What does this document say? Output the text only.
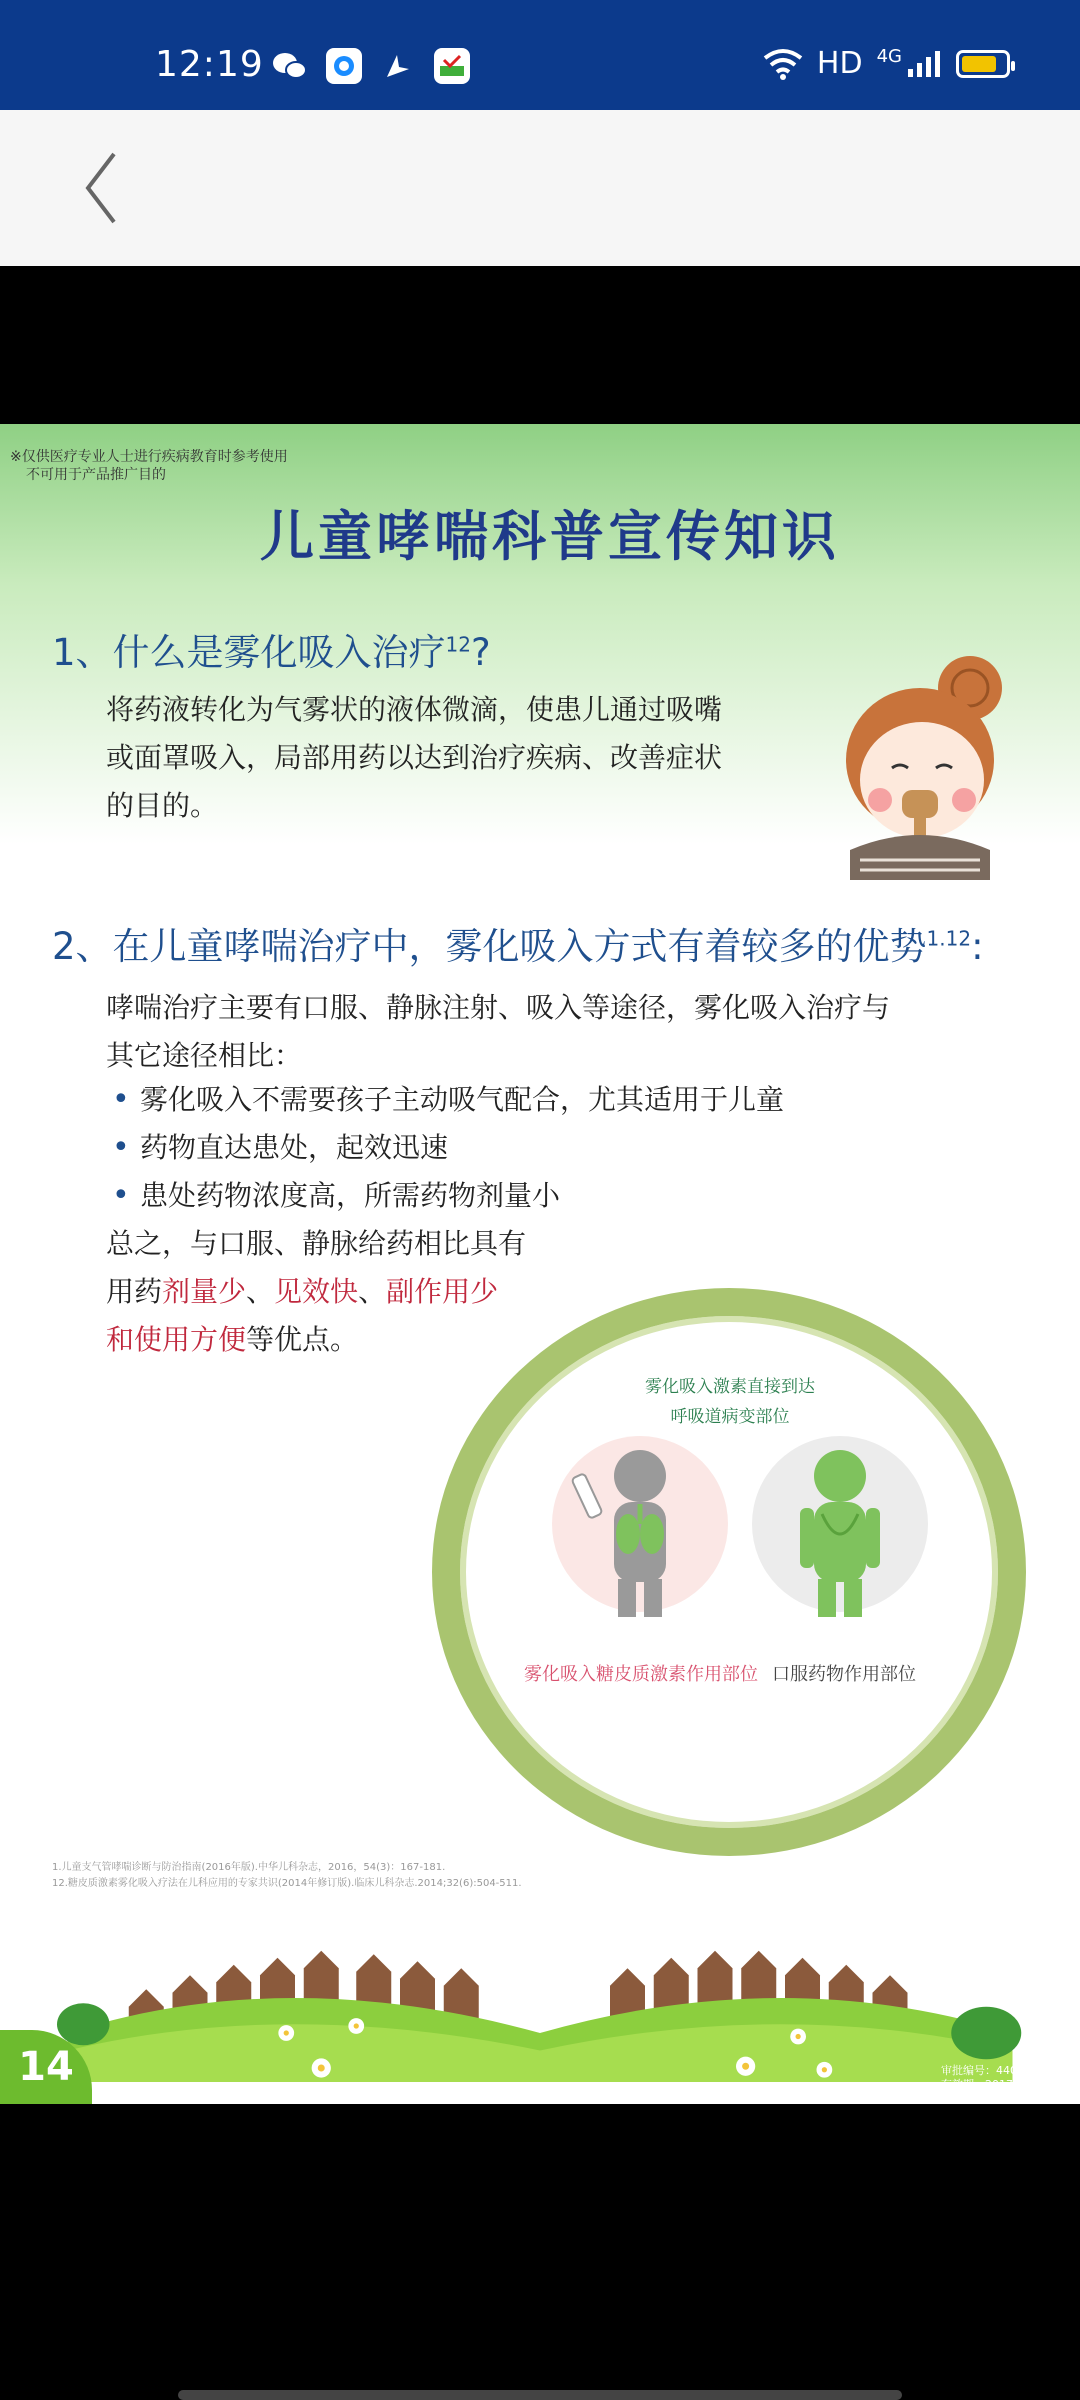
12:19	HD 4G
※仅供医疗专业人士进行疾病教育时参考使用
不可用于产品推广目的
儿童哮喘科普宣传知识
1、什么是雾化吸入治疗$^{12}$?
将药液转化为气雾状的液体微滴，使患儿通过吸嘴
或面罩吸入，局部用药以达到治疗疾病、改善症状
的目的。
2、在儿童哮喘治疗中，雾化吸入方式有着较多的优势$^{1.12}$:
哮喘治疗主要有口服、静脉注射、吸入等途径，雾化吸入治疗与
其它途径相比：
• 雾化吸入不需要孩子主动吸气配合，尤其适用于儿童
• 药物直达患处，起效迅速
• 患处药物浓度高，所需药物剂量小
总之，与口服、静脉给药相比具有
用药剂量少、见效快、副作用少
和使用方便等优点。
雾化吸入激素直接到达
呼吸道病变部位
雾化吸入糖皮质激素作用部位 口服药物作用部位
1.儿童支气管哮喘诊断与防治指南(2016年版).中华儿科杂志，2016，54(3)：167-181.
12.糖皮质激素雾化吸入疗法在儿科应用的专家共识(2014年修订版).临床儿科杂志.2014;32(6):504-511.
14	审批编号：44000022
有效期：2017/12/10
